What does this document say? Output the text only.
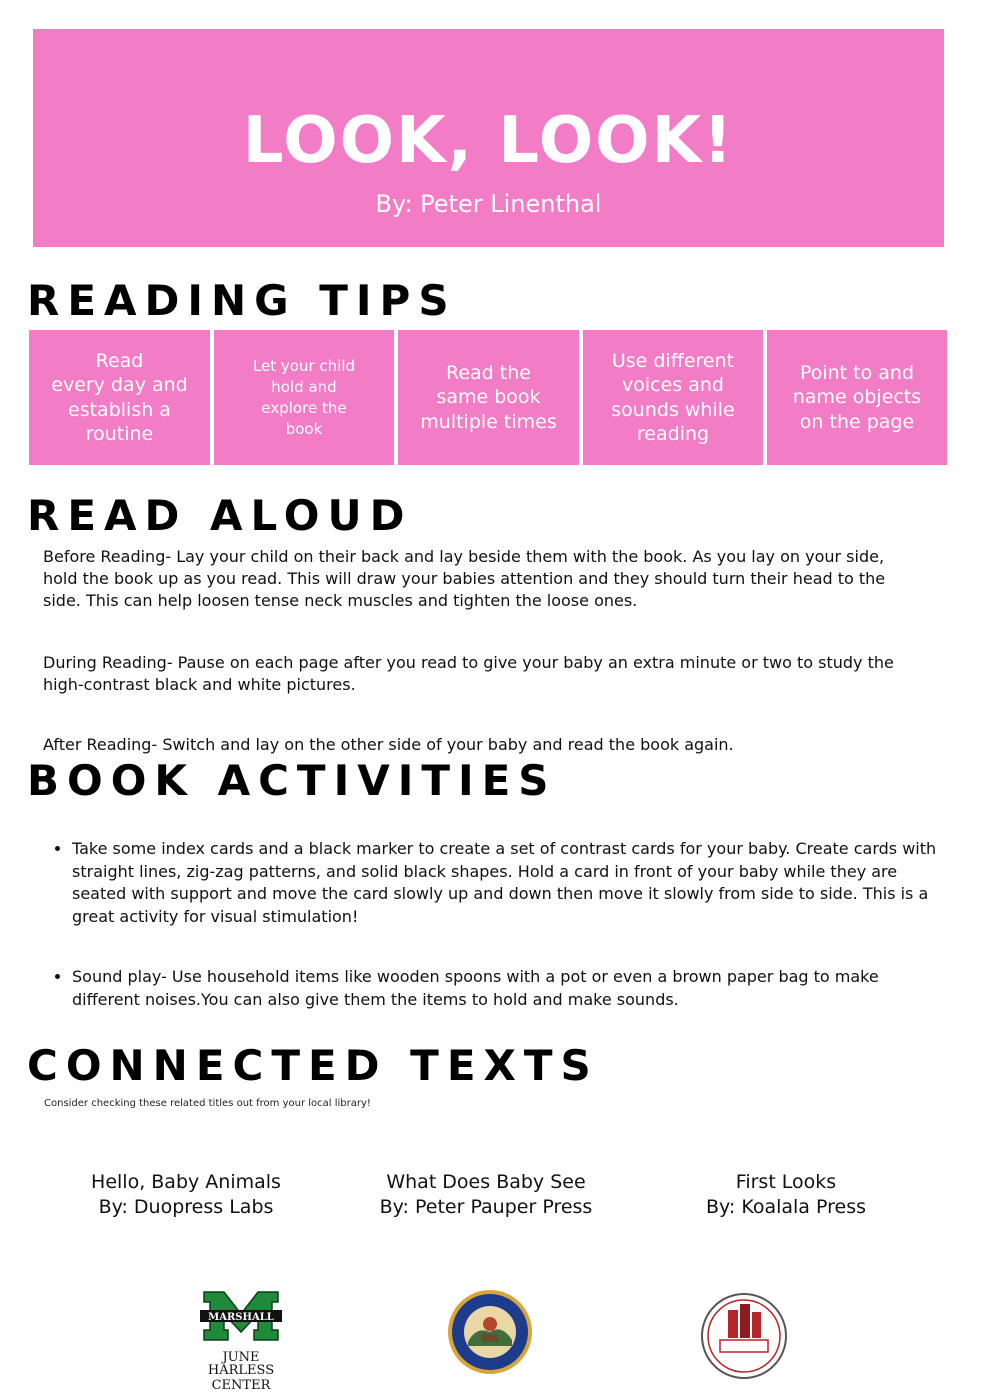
LOOK, LOOK!
By: Peter Linenthal
READING TIPS
Read
every day and
establish a
routine
Let your child
hold and
explore the
book
Read the
same book
multiple times
Use different
voices and
sounds while
reading
Point to and
name objects
on the page
READ ALOUD

Before Reading- Lay your child on their back and lay beside them with the book. As you lay on your side, hold the book up as you read. This will draw your babies attention and they should turn their head to the side. This can help loosen tense neck muscles and tighten the loose ones.

During Reading- Pause on each page after you read to give your baby an extra minute or two to study the high-contrast black and white pictures.

After Reading- Switch and lay on the other side of your baby and read the book again.

BOOK ACTIVITIES
• Take some index cards and a black marker to create a set of contrast cards for your baby. Create cards with straight lines, zig-zag patterns, and solid black shapes. Hold a card in front of your baby while they are seated with support and move the card slowly up and down then move it slowly from side to side. This is a great activity for visual stimulation!
• Sound play- Use household items like wooden spoons with a pot or even a brown paper bag to make different noises.You can also give them the items to hold and make sounds.
CONNECTED TEXTS
Consider checking these related titles out from your local library!
Hello, Baby Animals
By: Duopress Labs
What Does Baby See
By: Peter Pauper Press
First Looks
By: Koalala Press
MARSHALL
JUNE HARLESS
CENTER
